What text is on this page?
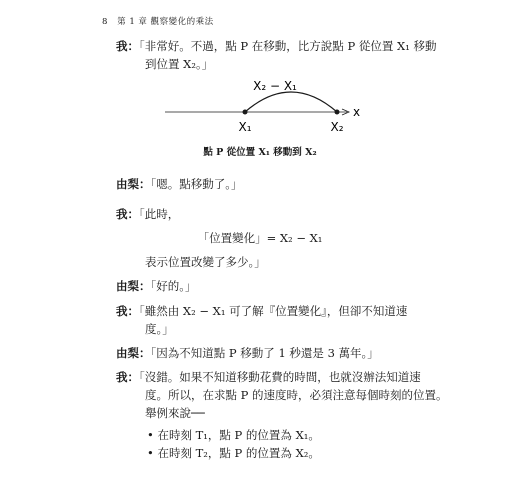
8 第 1 章 觀察變化的乘法
我：「非常好。不過，點 P 在移動，比方說點 P 從位置 X₁ 移動
到位置 X₂。」
X₂ − X₁
x
X₁	X₂
點 P 從位置 X₁ 移動到 X₂
由梨：「嗯。點移動了。」
我：「此時，
「位置變化」= X₂ − X₁
表示位置改變了多少。」
由梨：「好的。」
我：「雖然由 X₂ − X₁ 可了解『位置變化』，但卻不知道速
度。」
由梨：「因為不知道點 P 移動了 1 秒還是 3 萬年。」
我：「沒錯。如果不知道移動花費的時間，也就沒辦法知道速
度。所以，在求點 P 的速度時，必須注意每個時刻的位置。
舉例來說──
• 在時刻 T₁，點 P 的位置為 X₁。
• 在時刻 T₂，點 P 的位置為 X₂。
